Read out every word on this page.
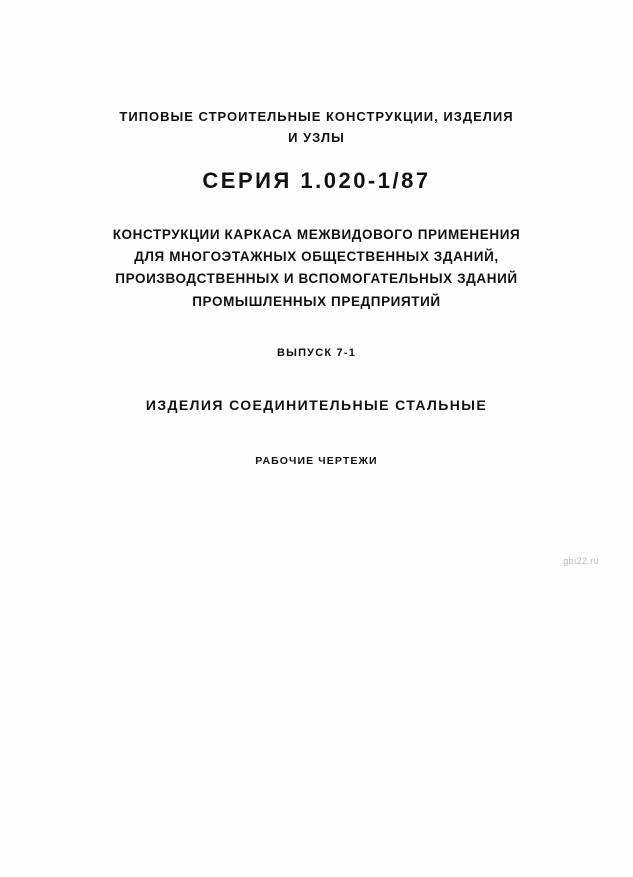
ТИПОВЫЕ СТРОИТЕЛЬНЫЕ КОНСТРУКЦИИ, ИЗДЕЛИЯ
И УЗЛЫ
СЕРИЯ 1.020-1/87
КОНСТРУКЦИИ КАРКАСА МЕЖВИДОВОГО ПРИМЕНЕНИЯ
ДЛЯ МНОГОЭТАЖНЫХ ОБЩЕСТВЕННЫХ ЗДАНИЙ,
ПРОИЗВОДСТВЕННЫХ И ВСПОМОГАТЕЛЬНЫХ ЗДАНИЙ
ПРОМЫШЛЕННЫХ ПРЕДПРИЯТИЙ
ВЫПУСК 7-1
ИЗДЕЛИЯ СОЕДИНИТЕЛЬНЫЕ СТАЛЬНЫЕ
РАБОЧИЕ ЧЕРТЕЖИ
gbi22.ru
